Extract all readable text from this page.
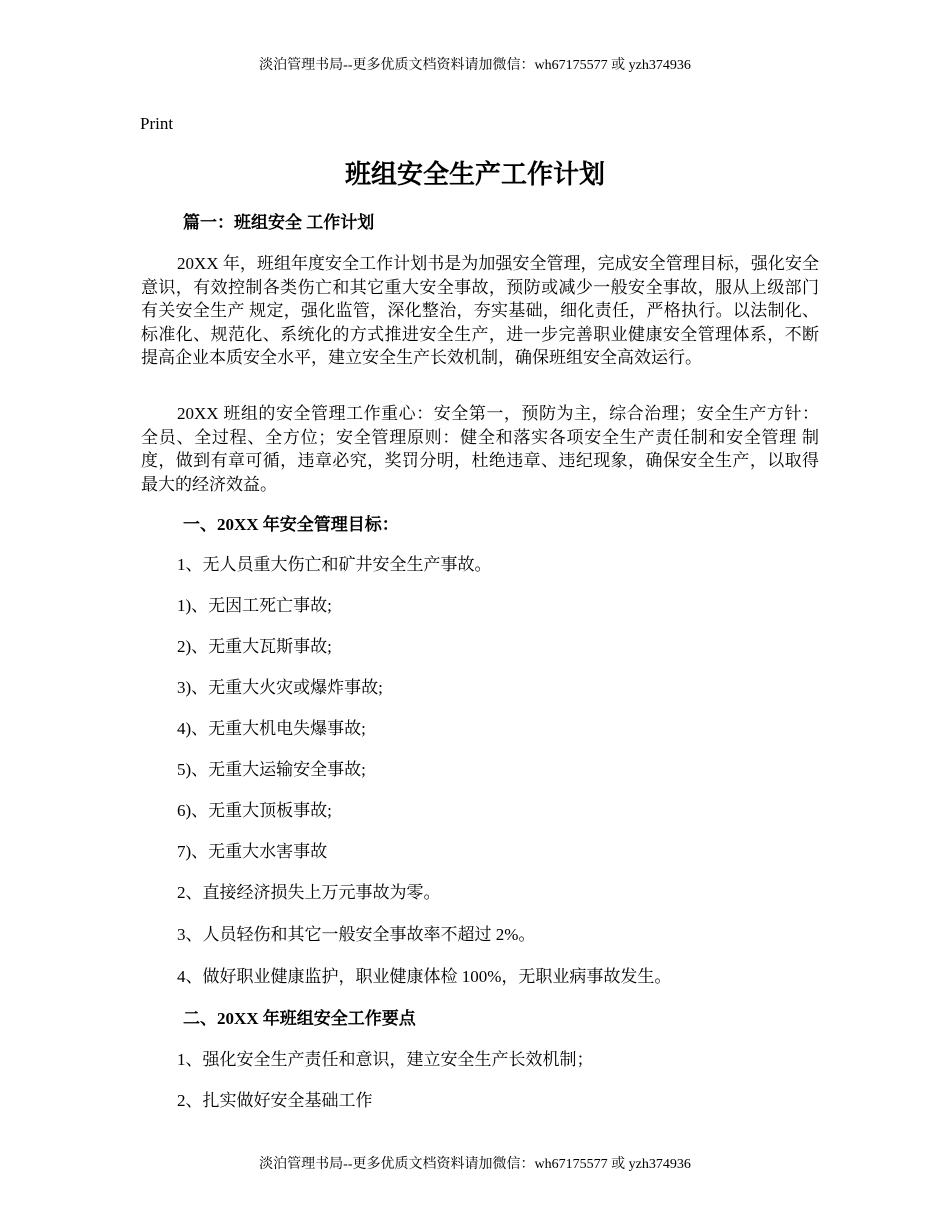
淡泊管理书局--更多优质文档资料请加微信：wh67175577 或 yzh374936
Print
班组安全生产工作计划
篇一：班组安全 工作计划

20XX 年，班组年度安全工作计划书是为加强安全管理，完成安全管理目标，强化安全意识，有效控制各类伤亡和其它重大安全事故，预防或减少一般安全事故，服从上级部门有关安全生产 规定，强化监管，深化整治，夯实基础，细化责任，严格执行。以法制化、标准化、规范化、系统化的方式推进安全生产，进一步完善职业健康安全管理体系，不断提高企业本质安全水平，建立安全生产长效机制，确保班组安全高效运行。

20XX 班组的安全管理工作重心：安全第一，预防为主，综合治理；安全生产方针： 全员、全过程、全方位；安全管理原则：健全和落实各项安全生产责任制和安全管理 制度，做到有章可循，违章必究，奖罚分明，杜绝违章、违纪现象，确保安全生产，以取得最大的经济效益。

一、20XX 年安全管理目标：
1、无人员重大伤亡和矿井安全生产事故。
1)、无因工死亡事故;
2)、无重大瓦斯事故;
3)、无重大火灾或爆炸事故;
4)、无重大机电失爆事故;
5)、无重大运输安全事故;
6)、无重大顶板事故;
7)、无重大水害事故
2、直接经济损失上万元事故为零。
3、人员轻伤和其它一般安全事故率不超过 2%。
4、做好职业健康监护，职业健康体检 100%，无职业病事故发生。
二、20XX 年班组安全工作要点
1、强化安全生产责任和意识，建立安全生产长效机制；
2、扎实做好安全基础工作
淡泊管理书局--更多优质文档资料请加微信：wh67175577 或 yzh374936
